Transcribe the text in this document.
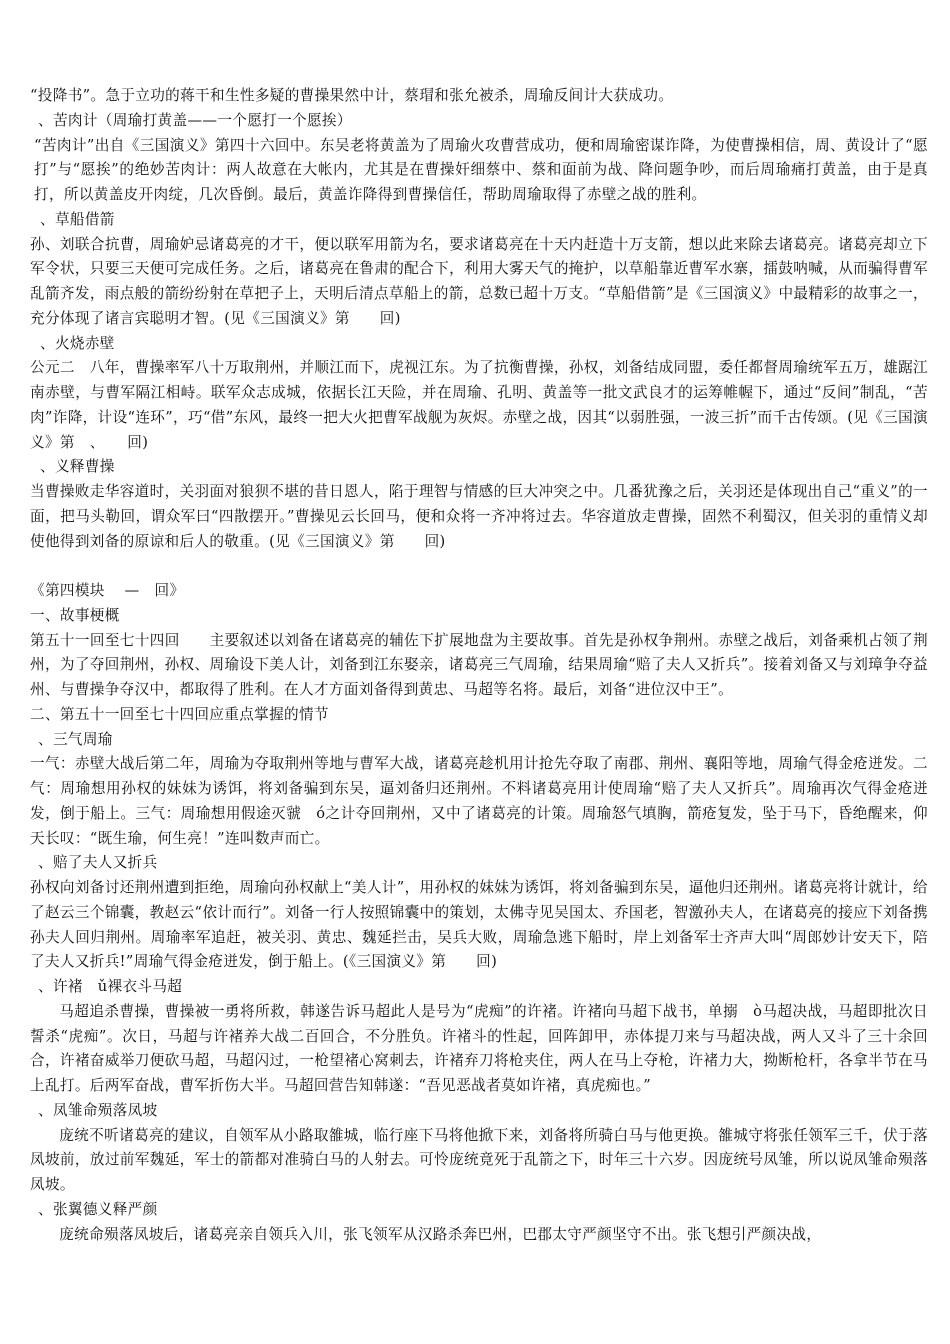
“投降书”。急于立功的蒋干和生性多疑的曹操果然中计，蔡瑁和张允被杀，周瑜反间计大获成功。

、苦肉计（周瑜打黄盖——一个愿打一个愿挨）

“苦肉计”出自《三国演义》第四十六回中。东吴老将黄盖为了周瑜火攻曹营成功，便和周瑜密谋诈降，为使曹操相信，周、黄设计了“愿打”与“愿挨”的绝妙苦肉计：两人故意在大帐内，尤其是在曹操奸细蔡中、蔡和面前为战、降问题争吵，而后周瑜痛打黄盖，由于是真打，所以黄盖皮开肉绽，几次昏倒。最后，黄盖诈降得到曹操信任，帮助周瑜取得了赤壁之战的胜利。

、草船借箭

孙、刘联合抗曹，周瑜妒忌诸葛亮的才干，便以联军用箭为名，要求诸葛亮在十天内赶造十万支箭，想以此来除去诸葛亮。诸葛亮却立下军令状，只要三天便可完成任务。之后，诸葛亮在鲁肃的配合下，利用大雾天气的掩护，以草船靠近曹军水寨，擂鼓呐喊，从而骗得曹军乱箭齐发，雨点般的箭纷纷射在草把子上，天明后清点草船上的箭，总数已超十万支。“草船借箭”是《三国演义》中最精彩的故事之一，充分体现了诸言宾聪明才智。(见《三国演义》第　　回)

、火烧赤壁

公元二　八年，曹操率军八十万取荆州，并顺江而下，虎视江东。为了抗衡曹操，孙权，刘备结成同盟，委任都督周瑜统军五万，雄踞江南赤壁，与曹军隔江相峙。联军众志成城，依据长江天险，并在周瑜、孔明、黄盖等一批文武良才的运筹帷幄下，通过“反间”制乱，“苦肉”诈降，计设“连环”，巧“借”东风，最终一把大火把曹军战舰为灰烬。赤壁之战，因其“以弱胜强，一波三折”而千古传颂。(见《三国演义》第　、　　回)

、义释曹操

当曹操败走华容道时，关羽面对狼狈不堪的昔日恩人，陷于理智与情感的巨大冲突之中。几番犹豫之后，关羽还是体现出自己“重义”的一面，把马头勒回，谓众军曰“四散摆开。”曹操见云长回马，便和众将一齐冲将过去。华容道放走曹操，固然不利蜀汉，但关羽的重情义却使他得到刘备的原谅和后人的敬重。(见《三国演义》第　　回)

《第四模块　 —　回》

一、故事梗概

第五十一回至七十四回　　主要叙述以刘备在诸葛亮的辅佐下扩展地盘为主要故事。首先是孙权争荆州。赤壁之战后，刘备乘机占领了荆州，为了夺回荆州，孙权、周瑜设下美人计，刘备到江东娶亲，诸葛亮三气周瑜，结果周瑜“赔了夫人又折兵”。接着刘备又与刘璋争夺益州、与曹操争夺汉中，都取得了胜利。在人才方面刘备得到黄忠、马超等名将。最后，刘备“进位汉中王”。

二、第五十一回至七十四回应重点掌握的情节

、三气周瑜

一气：赤壁大战后第二年，周瑜为夺取荆州等地与曹军大战，诸葛亮趁机用计抢先夺取了南郡、荆州、襄阳等地，周瑜气得金疮迸发。二气：周瑜想用孙权的妹妹为诱饵，将刘备骗到东吴，逼刘备归还荆州。不料诸葛亮用计使周瑜“赔了夫人又折兵”。周瑜再次气得金疮迸发，倒于船上。三气：周瑜想用假途灭虢　ó之计夺回荆州，又中了诸葛亮的计策。周瑜怒气填胸，箭疮复发，坠于马下，昏绝醒来，仰天长叹：“既生瑜，何生亮！”连叫数声而亡。

、赔了夫人又折兵

孙权向刘备讨还荆州遭到拒绝，周瑜向孙权献上“美人计”，用孙权的妹妹为诱饵，将刘备骗到东吴，逼他归还荆州。诸葛亮将计就计，给了赵云三个锦囊，教赵云“依计而行”。刘备一行人按照锦囊中的策划，太佛寺见吴国太、乔国老，智激孙夫人，在诸葛亮的接应下刘备携孙夫人回归荆州。周瑜率军追赶，被关羽、黄忠、魏延拦击，吴兵大败，周瑜急逃下船时，岸上刘备军士齐声大叫“周郎妙计安天下，陪了夫人又折兵!”周瑜气得金疮迸发，倒于船上。(《三国演义》第　　回)

、许褚　ǔ裸衣斗马超

马超追杀曹操，曹操被一勇将所救，韩遂告诉马超此人是号为“虎痴”的许褚。许褚向马超下战书，单搦　ò马超决战，马超即批次日誓杀“虎痴”。次日，马超与许褚养大战二百回合，不分胜负。许褚斗的性起，回阵卸甲，赤体提刀来与马超决战，两人又斗了三十余回合，许褚奋威举刀便砍马超，马超闪过，一枪望褚心窝刺去，许褚弃刀将枪夹住，两人在马上夺枪，许褚力大，拗断枪杆，各拿半节在马上乱打。后两军奋战，曹军折伤大半。马超回营告知韩遂：“吾见恶战者莫如许褚，真虎痴也。”

、凤雏命殒落凤坡

庞统不听诸葛亮的建议，自领军从小路取雒城，临行座下马将他掀下来，刘备将所骑白马与他更换。雒城守将张任领军三千，伏于落凤坡前，放过前军魏延，军士的箭都对准骑白马的人射去。可怜庞统竟死于乱箭之下，时年三十六岁。因庞统号凤雏，所以说凤雏命殒落凤坡。

、张翼德义释严颜

庞统命殒落凤坡后，诸葛亮亲自领兵入川，张飞领军从汉路杀奔巴州，巴郡太守严颜坚守不出。张飞想引严颜决战，
